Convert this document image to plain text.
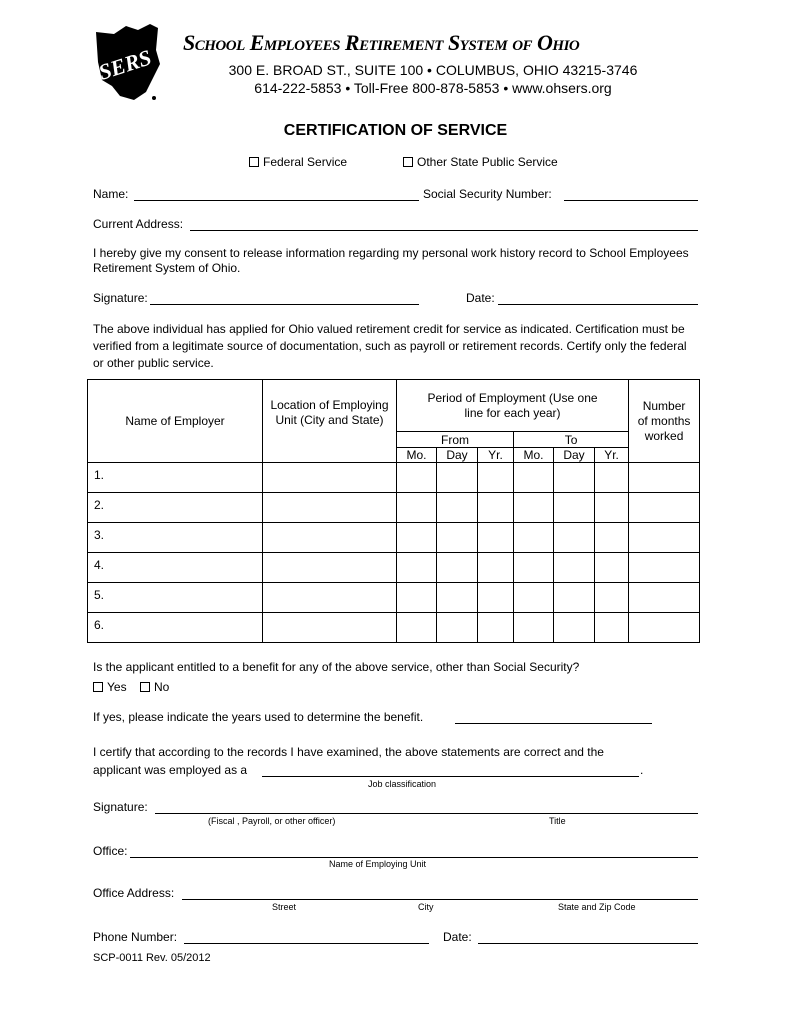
SERS
School Employees Retirement System of Ohio
300 E. BROAD ST., SUITE 100 • COLUMBUS, OHIO 43215-3746
614-222-5853 • Toll-Free 800-878-5853 • www.ohsers.org
CERTIFICATION OF SERVICE
Federal Service	Other State Public Service
Name:	Social Security Number:
Current Address:
I hereby give my consent to release information regarding my personal work history record to School Employees Retirement System of Ohio.
Signature:	Date:
The above individual has applied for Ohio valued retirement credit for service as indicated. Certification must be verified from a legitimate source of documentation, such as payroll or retirement records. Certify only the federal or other public service.
Name of Employer	Location of Employing Unit (City and State)	Period of Employment (Use one line for each year)						Number of months worked
		From			To			
		Mo.	Day	Yr.	Mo.	Day	Yr.	
1.								
2.								
3.								
4.								
5.								
6.								
Is the applicant entitled to a benefit for any of the above service, other than Social Security?
Yes	No
If yes, please indicate the years used to determine the benefit.
I certify that according to the records I have examined, the above statements are correct and the
applicant was employed as a	.
Job classification
Signature:
(Fiscal , Payroll, or other officer)	Title
Office:
Name of Employing Unit
Office Address:
Street	City	State and Zip Code
Phone Number:	Date:
SCP-0011 Rev. 05/2012
